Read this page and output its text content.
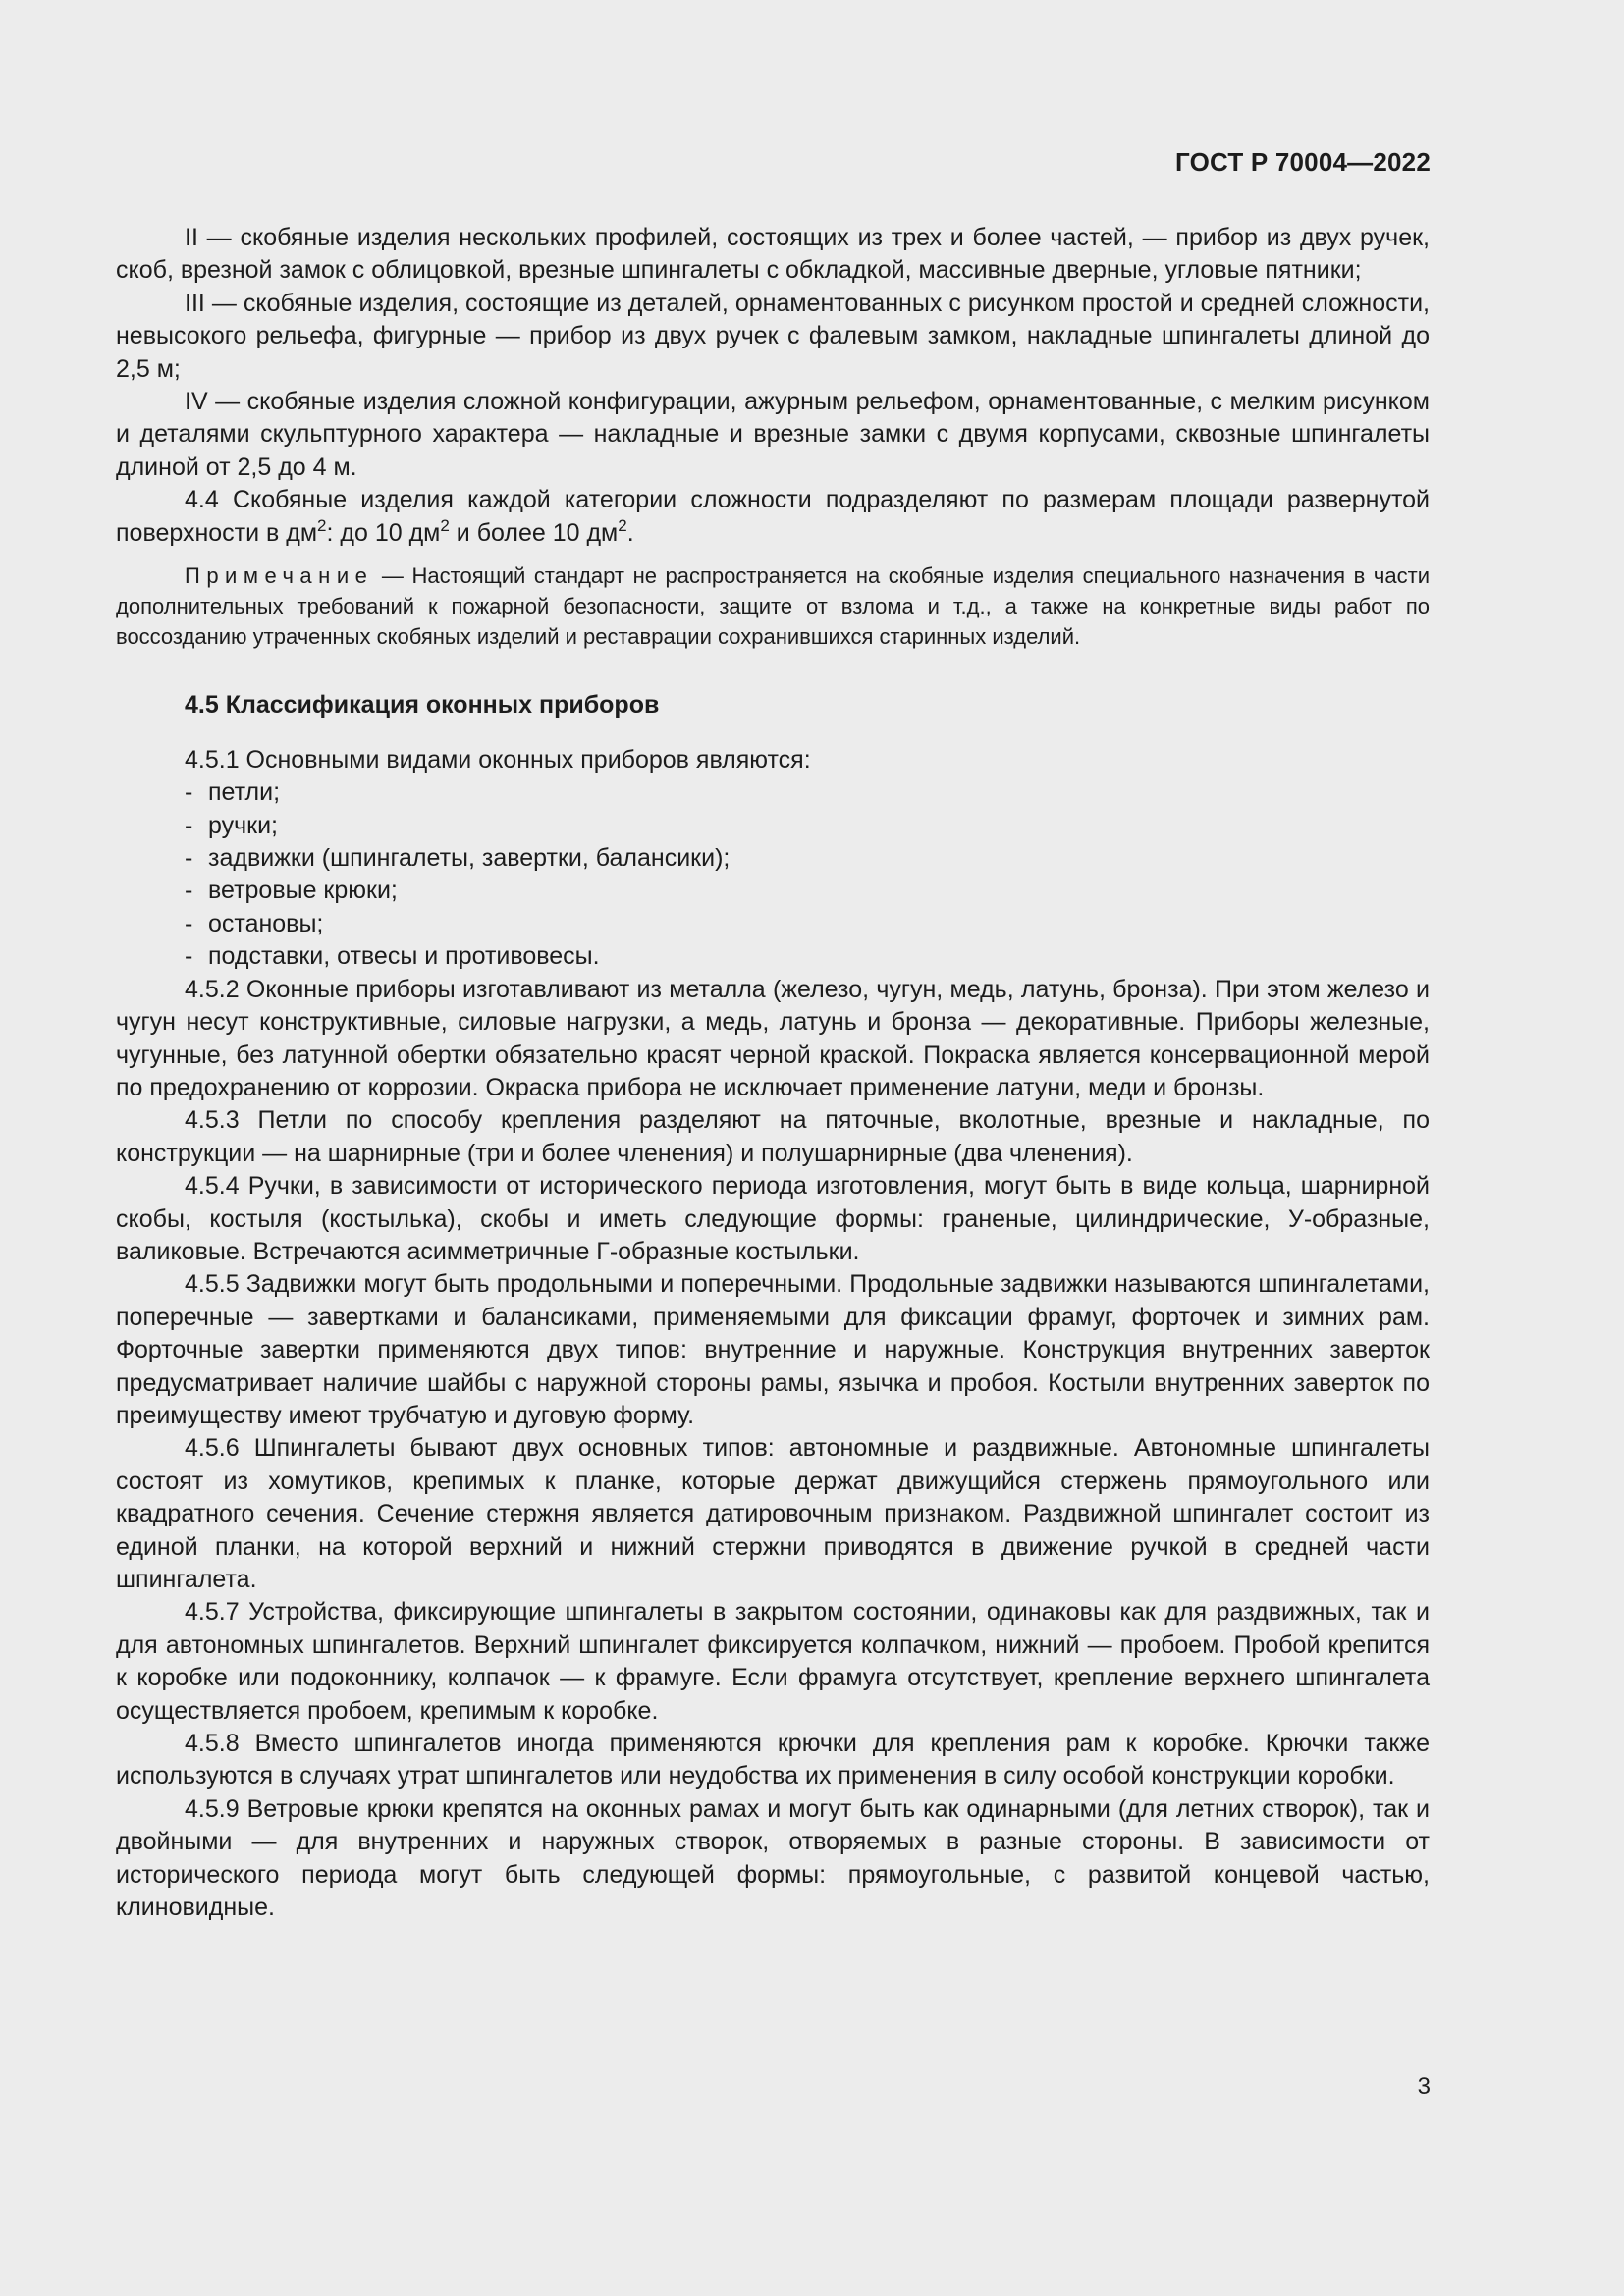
ГОСТ Р 70004—2022

II — скобяные изделия нескольких профилей, состоящих из трех и более частей, — прибор из двух ручек, скоб, врезной замок с облицовкой, врезные шпингалеты с обкладкой, массивные дверные, угловые пятники;

III — скобяные изделия, состоящие из деталей, орнаментованных с рисунком простой и средней сложности, невысокого рельефа, фигурные — прибор из двух ручек с фалевым замком, накладные шпингалеты длиной до 2,5 м;

IV — скобяные изделия сложной конфигурации, ажурным рельефом, орнаментованные, с мелким рисунком и деталями скульптурного характера — накладные и врезные замки с двумя корпусами, сквозные шпингалеты длиной от 2,5 до 4 м.

4.4 Скобяные изделия каждой категории сложности подразделяют по размерам площади развернутой поверхности в $дм^2$: до 10 $дм^2$ и более 10 $дм^2$.

Примечание — Настоящий стандарт не распространяется на скобяные изделия специального назначения в части дополнительных требований к пожарной безопасности, защите от взлома и т.д., а также на конкретные виды работ по воссозданию утраченных скобяных изделий и реставрации сохранившихся старинных изделий.

4.5 Классификация оконных приборов

4.5.1 Основными видами оконных приборов являются:

- петли;
- ручки;
- задвижки (шпингалеты, завертки, балансики);
- ветровые крюки;
- остановы;
- подставки, отвесы и противовесы.

4.5.2 Оконные приборы изготавливают из металла (железо, чугун, медь, латунь, бронза). При этом железо и чугун несут конструктивные, силовые нагрузки, а медь, латунь и бронза — декоративные. Приборы железные, чугунные, без латунной обертки обязательно красят черной краской. Покраска является консервационной мерой по предохранению от коррозии. Окраска прибора не исключает применение латуни, меди и бронзы.

4.5.3 Петли по способу крепления разделяют на пяточные, вколотные, врезные и накладные, по конструкции — на шарнирные (три и более членения) и полушарнирные (два членения).

4.5.4 Ручки, в зависимости от исторического периода изготовления, могут быть в виде кольца, шарнирной скобы, костыля (костылька), скобы и иметь следующие формы: граненые, цилиндрические, У-образные, валиковые. Встречаются асимметричные Г-образные костыльки.

4.5.5 Задвижки могут быть продольными и поперечными. Продольные задвижки называются шпингалетами, поперечные — завертками и балансиками, применяемыми для фиксации фрамуг, форточек и зимних рам. Форточные завертки применяются двух типов: внутренние и наружные. Конструкция внутренних заверток предусматривает наличие шайбы с наружной стороны рамы, язычка и пробоя. Костыли внутренних заверток по преимуществу имеют трубчатую и дуговую форму.

4.5.6 Шпингалеты бывают двух основных типов: автономные и раздвижные. Автономные шпингалеты состоят из хомутиков, крепимых к планке, которые держат движущийся стержень прямоугольного или квадратного сечения. Сечение стержня является датировочным признаком. Раздвижной шпингалет состоит из единой планки, на которой верхний и нижний стержни приводятся в движение ручкой в средней части шпингалета.

4.5.7 Устройства, фиксирующие шпингалеты в закрытом состоянии, одинаковы как для раздвижных, так и для автономных шпингалетов. Верхний шпингалет фиксируется колпачком, нижний — пробоем. Пробой крепится к коробке или подоконнику, колпачок — к фрамуге. Если фрамуга отсутствует, крепление верхнего шпингалета осуществляется пробоем, крепимым к коробке.

4.5.8 Вместо шпингалетов иногда применяются крючки для крепления рам к коробке. Крючки также используются в случаях утрат шпингалетов или неудобства их применения в силу особой конструкции коробки.

4.5.9 Ветровые крюки крепятся на оконных рамах и могут быть как одинарными (для летних створок), так и двойными — для внутренних и наружных створок, отворяемых в разные стороны. В зависимости от исторического периода могут быть следующей формы: прямоугольные, с развитой концевой частью, клиновидные.

3
